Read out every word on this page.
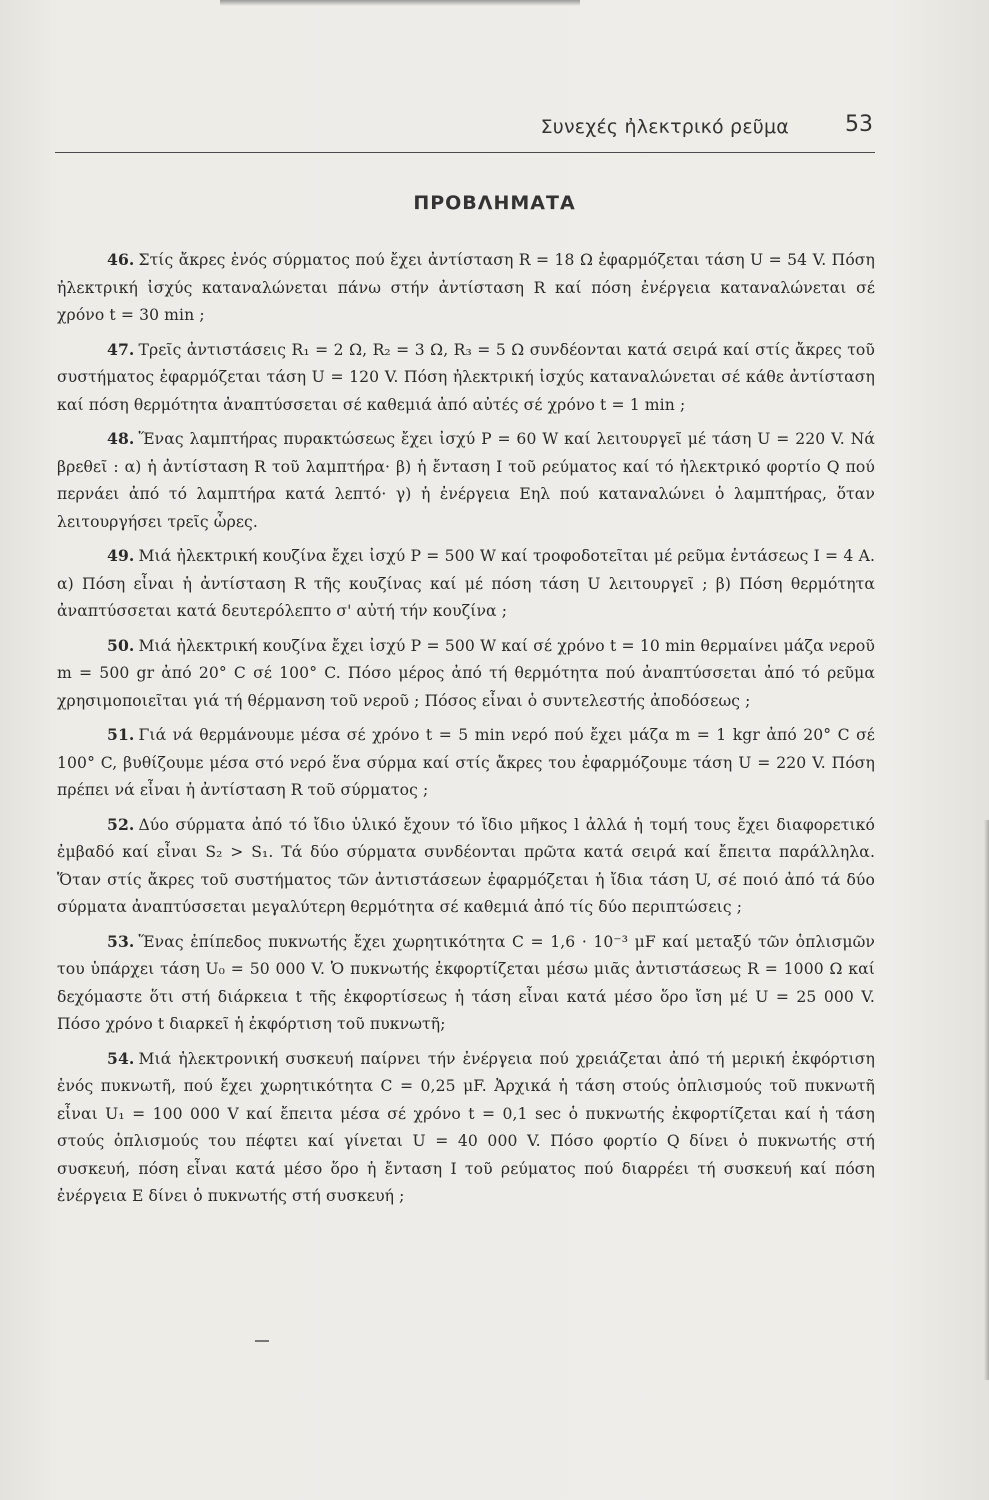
Συνεχές ἠλεκτρικό ρεῦμα	53
ΠΡΟΒΛΗΜΑΤΑ

46. Στίς ἄκρες ἑνός σύρματος πού ἔχει ἀντίσταση R = 18 Ω ἐφαρμόζεται τάση U = 54 V. Πόση ἠλεκτρική ἰσχύς καταναλώνεται πάνω στήν ἀντίσταση R καί πόση ἐνέργεια καταναλώνεται σέ χρόνο t = 30 min ;

47. Τρεῖς ἀντιστάσεις R₁ = 2 Ω, R₂ = 3 Ω, R₃ = 5 Ω συνδέονται κατά σειρά καί στίς ἄκρες τοῦ συστήματος ἐφαρμόζεται τάση U = 120 V. Πόση ἠλεκτρική ἰσχύς καταναλώνεται σέ κάθε ἀντίσταση καί πόση θερμότητα ἀναπτύσσεται σέ καθεμιά ἀπό αὐτές σέ χρόνο t = 1 min ;

48. Ἕνας λαμπτήρας πυρακτώσεως ἔχει ἰσχύ P = 60 W καί λειτουργεῖ μέ τάση U = 220 V. Νά βρεθεῖ : α) ἡ ἀντίσταση R τοῦ λαμπτήρα· β) ἡ ἔνταση I τοῦ ρεύματος καί τό ἠλεκτρικό φορτίο Q πού περνάει ἀπό τό λαμπτήρα κατά λεπτό· γ) ἡ ἐνέργεια Eηλ πού καταναλώνει ὁ λαμπτήρας, ὅταν λειτουργήσει τρεῖς ὧρες.

49. Μιά ἠλεκτρική κουζίνα ἔχει ἰσχύ P = 500 W καί τροφοδοτεῖται μέ ρεῦμα ἐντάσεως I = 4 A. α) Πόση εἶναι ἡ ἀντίσταση R τῆς κουζίνας καί μέ πόση τάση U λειτουργεῖ ; β) Πόση θερμότητα ἀναπτύσσεται κατά δευτερόλεπτο σ' αὐτή τήν κουζίνα ;

50. Μιά ἠλεκτρική κουζίνα ἔχει ἰσχύ P = 500 W καί σέ χρόνο t = 10 min θερμαίνει μάζα νεροῦ m = 500 gr ἀπό 20° C σέ 100° C. Πόσο μέρος ἀπό τή θερμότητα πού ἀναπτύσσεται ἀπό τό ρεῦμα χρησιμοποιεῖται γιά τή θέρμανση τοῦ νεροῦ ; Πόσος εἶναι ὁ συντελεστής ἀποδόσεως ;

51. Γιά νά θερμάνουμε μέσα σέ χρόνο t = 5 min νερό πού ἔχει μάζα m = 1 kgr ἀπό 20° C σέ 100° C, βυθίζουμε μέσα στό νερό ἕνα σύρμα καί στίς ἄκρες του ἐφαρμόζουμε τάση U = 220 V. Πόση πρέπει νά εἶναι ἡ ἀντίσταση R τοῦ σύρματος ;

52. Δύο σύρματα ἀπό τό ἴδιο ὑλικό ἔχουν τό ἴδιο μῆκος l ἀλλά ἡ τομή τους ἔχει διαφορετικό ἐμβαδό καί εἶναι S₂ > S₁. Τά δύο σύρματα συνδέονται πρῶτα κατά σειρά καί ἔπειτα παράλληλα. Ὅταν στίς ἄκρες τοῦ συστήματος τῶν ἀντιστάσεων ἐφαρμόζεται ἡ ἴδια τάση U, σέ ποιό ἀπό τά δύο σύρματα ἀναπτύσσεται μεγαλύτερη θερμότητα σέ καθεμιά ἀπό τίς δύο περιπτώσεις ;

53. Ἕνας ἐπίπεδος πυκνωτής ἔχει χωρητικότητα C = 1,6 · 10⁻³ μF καί μεταξύ τῶν ὁπλισμῶν του ὑπάρχει τάση U₀ = 50 000 V. Ὁ πυκνωτής ἐκφορτίζεται μέσω μιᾶς ἀντιστάσεως R = 1000 Ω καί δεχόμαστε ὅτι στή διάρκεια t τῆς ἐκφορτίσεως ἡ τάση εἶναι κατά μέσο ὅρο ἴση μέ U = 25 000 V. Πόσο χρόνο t διαρκεῖ ἡ ἐκφόρτιση τοῦ πυκνωτῆ;

54. Μιά ἠλεκτρονική συσκευή παίρνει τήν ἐνέργεια πού χρειάζεται ἀπό τή μερική ἐκφόρτιση ἑνός πυκνωτῆ, πού ἔχει χωρητικότητα C = 0,25 μF. Ἀρχικά ἡ τάση στούς ὁπλισμούς τοῦ πυκνωτῆ εἶναι U₁ = 100 000 V καί ἔπειτα μέσα σέ χρόνο t = 0,1 sec ὁ πυκνωτής ἐκφορτίζεται καί ἡ τάση στούς ὁπλισμούς του πέφτει καί γίνεται U = 40 000 V. Πόσο φορτίο Q δίνει ὁ πυκνωτής στή συσκευή, πόση εἶναι κατά μέσο ὅρο ἡ ἔνταση I τοῦ ρεύματος πού διαρρέει τή συσκευή καί πόση ἐνέργεια E δίνει ὁ πυκνωτής στή συσκευή ;
